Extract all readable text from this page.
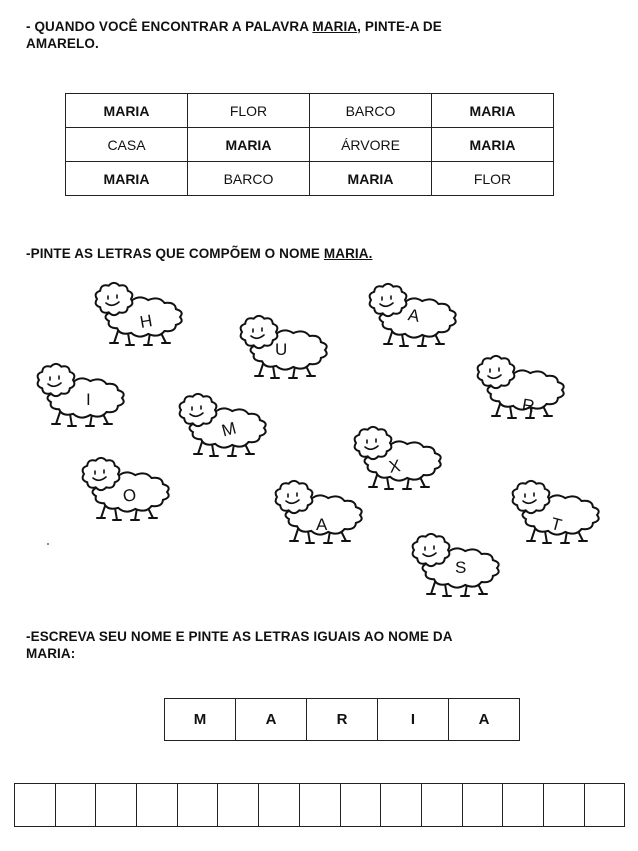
- QUANDO VOCÊ ENCONTRAR A PALAVRA MARIA, PINTE-A DE
AMARELO.
MARIA	FLOR	BARCO	MARIA
CASA	MARIA	ÁRVORE	MARIA
MARIA	BARCO	MARIA	FLOR
-PINTE AS LETRAS QUE COMPÕEM O NOME MARIA.
H	A
U
I	R
M
X
O
A	T
S
-ESCREVA SEU NOME E PINTE AS LETRAS IGUAIS AO NOME DA
MARIA:
M	A	R	I	A
